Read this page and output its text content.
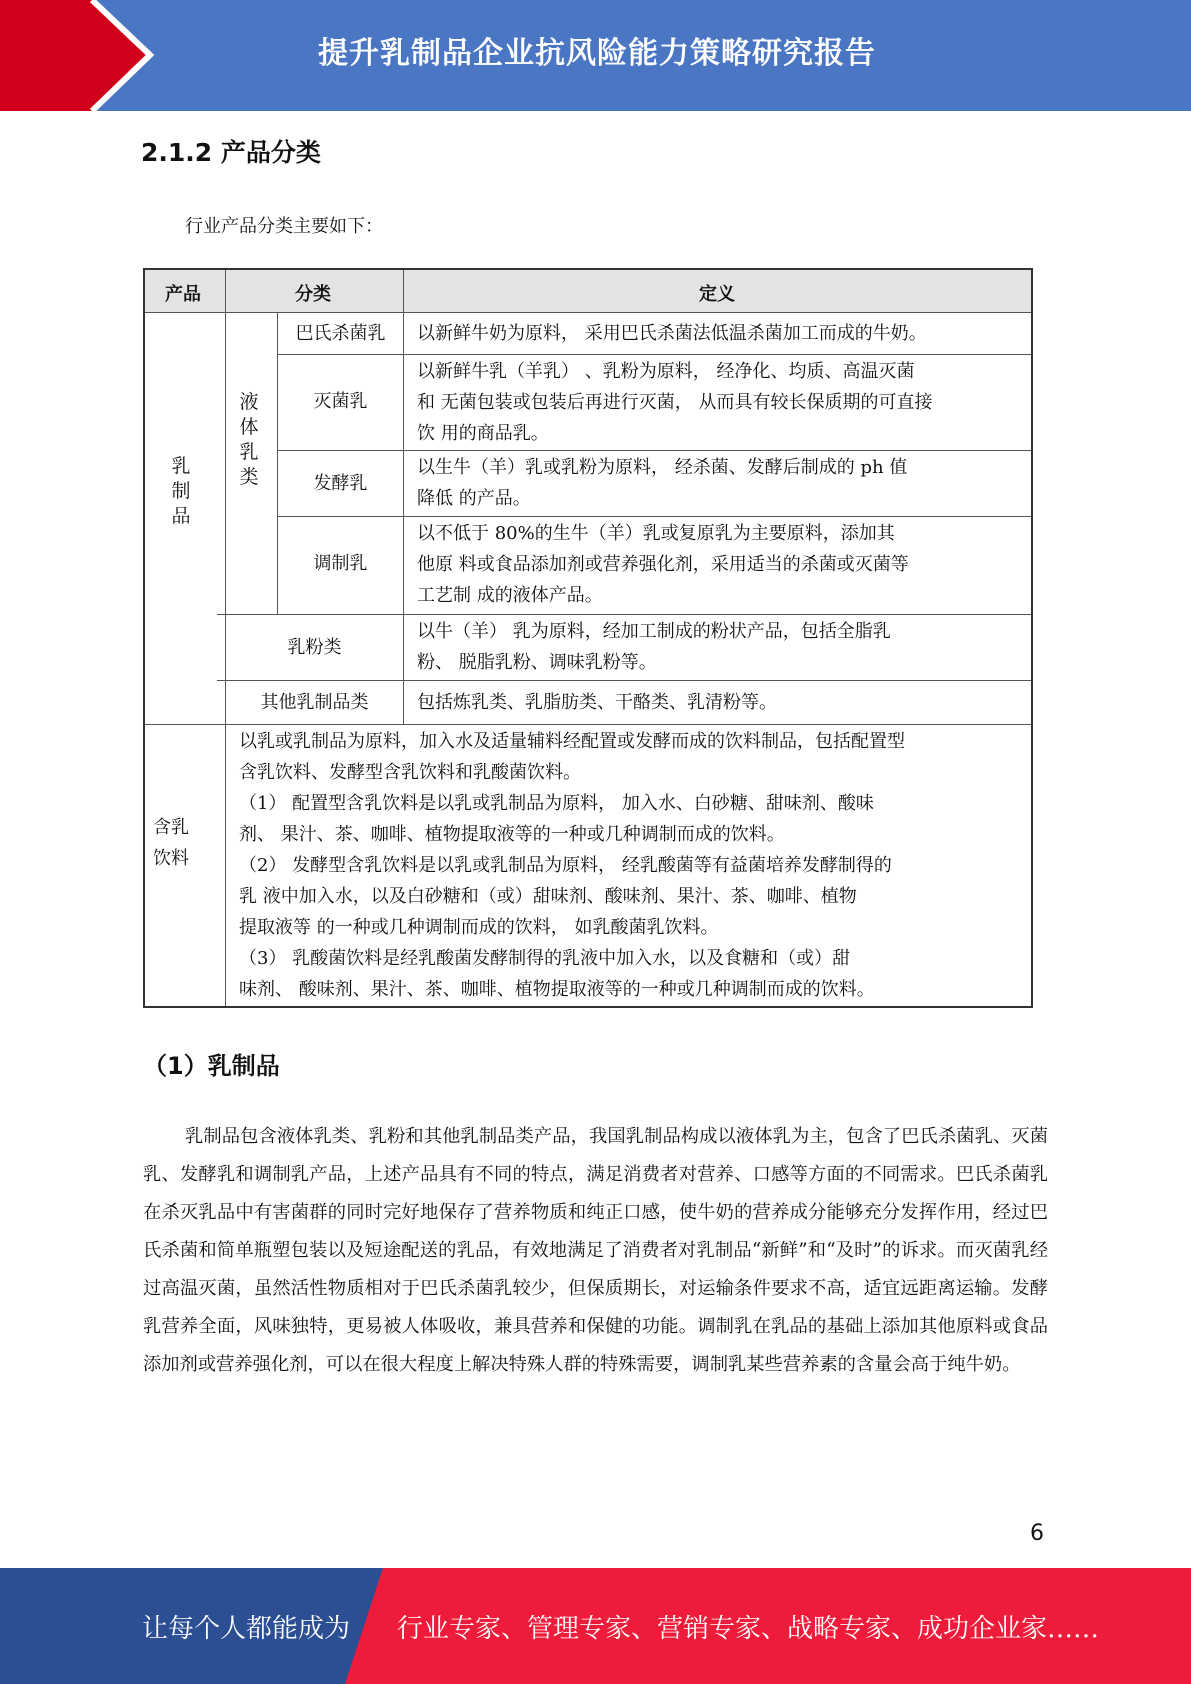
提升乳制品企业抗风险能力策略研究报告
2.1.2 产品分类
行业产品分类主要如下：
产品	分类	定义
乳制品
液体乳类
巴氏杀菌乳
灭菌乳
发酵乳
调制乳
乳粉类
其他乳制品类
以新鲜牛奶为原料， 采用巴氏杀菌法低温杀菌加工而成的牛奶。
以新鲜牛乳（羊乳） 、乳粉为原料， 经净化、均质、高温灭菌
和 无菌包装或包装后再进行灭菌， 从而具有较长保质期的可直接
饮 用的商品乳。
以生牛（羊）乳或乳粉为原料， 经杀菌、发酵后制成的 ph 值
降低 的产品。
以不低于 80%的生牛（羊）乳或复原乳为主要原料，添加其
他原 料或食品添加剂或营养强化剂，采用适当的杀菌或灭菌等
工艺制 成的液体产品。
以牛（羊） 乳为原料，经加工制成的粉状产品，包括全脂乳
粉、 脱脂乳粉、调味乳粉等。
包括炼乳类、乳脂肪类、干酪类、乳清粉等。
含乳饮料
以乳或乳制品为原料，加入水及适量辅料经配置或发酵而成的饮料制品，包括配置型
含乳饮料、发酵型含乳饮料和乳酸菌饮料。
（1） 配置型含乳饮料是以乳或乳制品为原料， 加入水、白砂糖、甜味剂、酸味
剂、 果汁、茶、咖啡、植物提取液等的一种或几种调制而成的饮料。
（2） 发酵型含乳饮料是以乳或乳制品为原料， 经乳酸菌等有益菌培养发酵制得的
乳 液中加入水，以及白砂糖和（或）甜味剂、酸味剂、果汁、茶、咖啡、植物
提取液等 的一种或几种调制而成的饮料， 如乳酸菌乳饮料。
（3） 乳酸菌饮料是经乳酸菌发酵制得的乳液中加入水，以及食糖和（或）甜
味剂、 酸味剂、果汁、茶、咖啡、植物提取液等的一种或几种调制而成的饮料。
（1）乳制品
乳制品包含液体乳类、乳粉和其他乳制品类产品，我国乳制品构成以液体乳为主，包含了巴氏杀菌乳、灭菌乳、发酵乳和调制乳产品，上述产品具有不同的特点，满足消费者对营养、口感等方面的不同需求。巴氏杀菌乳在杀灭乳品中有害菌群的同时完好地保存了营养物质和纯正口感，使牛奶的营养成分能够充分发挥作用，经过巴氏杀菌和简单瓶塑包装以及短途配送的乳品，有效地满足了消费者对乳制品“新鲜”和“及时”的诉求。而灭菌乳经过高温灭菌，虽然活性物质相对于巴氏杀菌乳较少，但保质期长，对运输条件要求不高，适宜远距离运输。发酵乳营养全面，风味独特，更易被人体吸收，兼具营养和保健的功能。调制乳在乳品的基础上添加其他原料或食品添加剂或营养强化剂，可以在很大程度上解决特殊人群的特殊需要，调制乳某些营养素的含量会高于纯牛奶。
6
让每个人都能成为 行业专家、管理专家、营销专家、战略专家、成功企业家……
